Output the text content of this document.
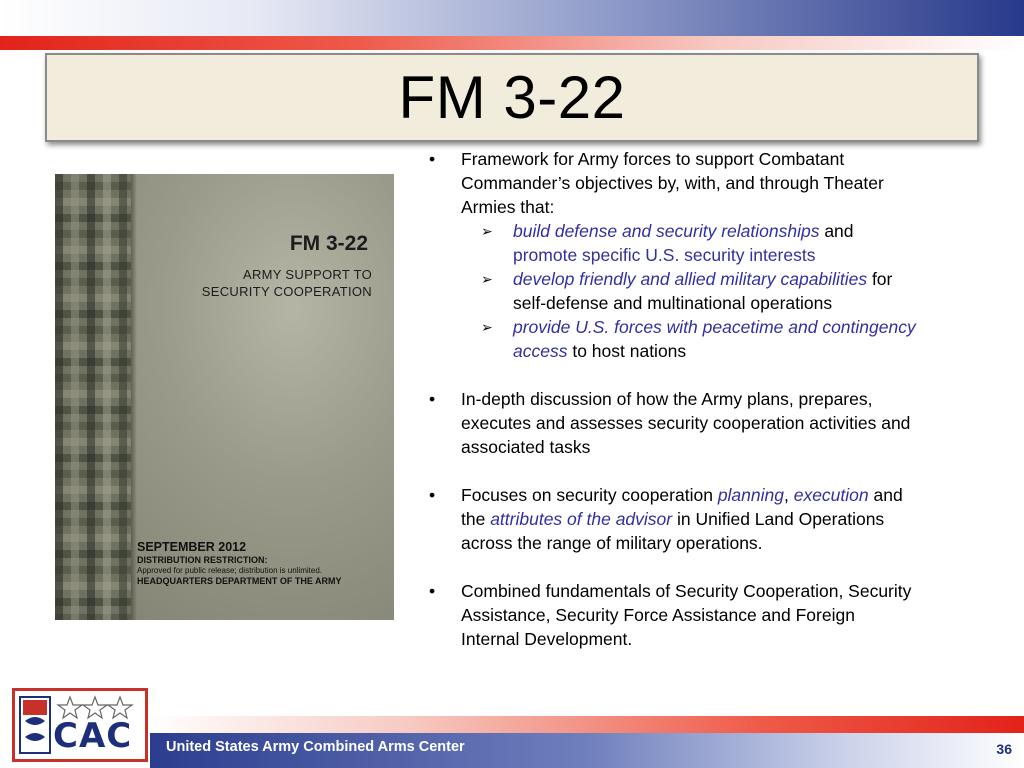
FM 3-22
FM 3-22
ARMY SUPPORT TO
SECURITY COOPERATION
SEPTEMBER 2012
DISTRIBUTION RESTRICTION:
Approved for public release; distribution is unlimited.
HEADQUARTERS DEPARTMENT OF THE ARMY
• Framework for Army forces to support Combatant
Commander’s objectives by, with, and through Theater
Armies that:
➢ build defense and security relationships and
promote specific U.S. security interests
➢ develop friendly and allied military capabilities for
self-defense and multinational operations
➢ provide U.S. forces with peacetime and contingency
access to host nations
• In-depth discussion of how the Army plans, prepares,
executes and assesses security cooperation activities and
associated tasks
• Focuses on security cooperation planning, execution and
the attributes of the advisor in Unified Land Operations
across the range of military operations.
• Combined fundamentals of Security Cooperation, Security
Assistance, Security Force Assistance and Foreign
Internal Development.
United States Army Combined Arms Center	36
CAC
